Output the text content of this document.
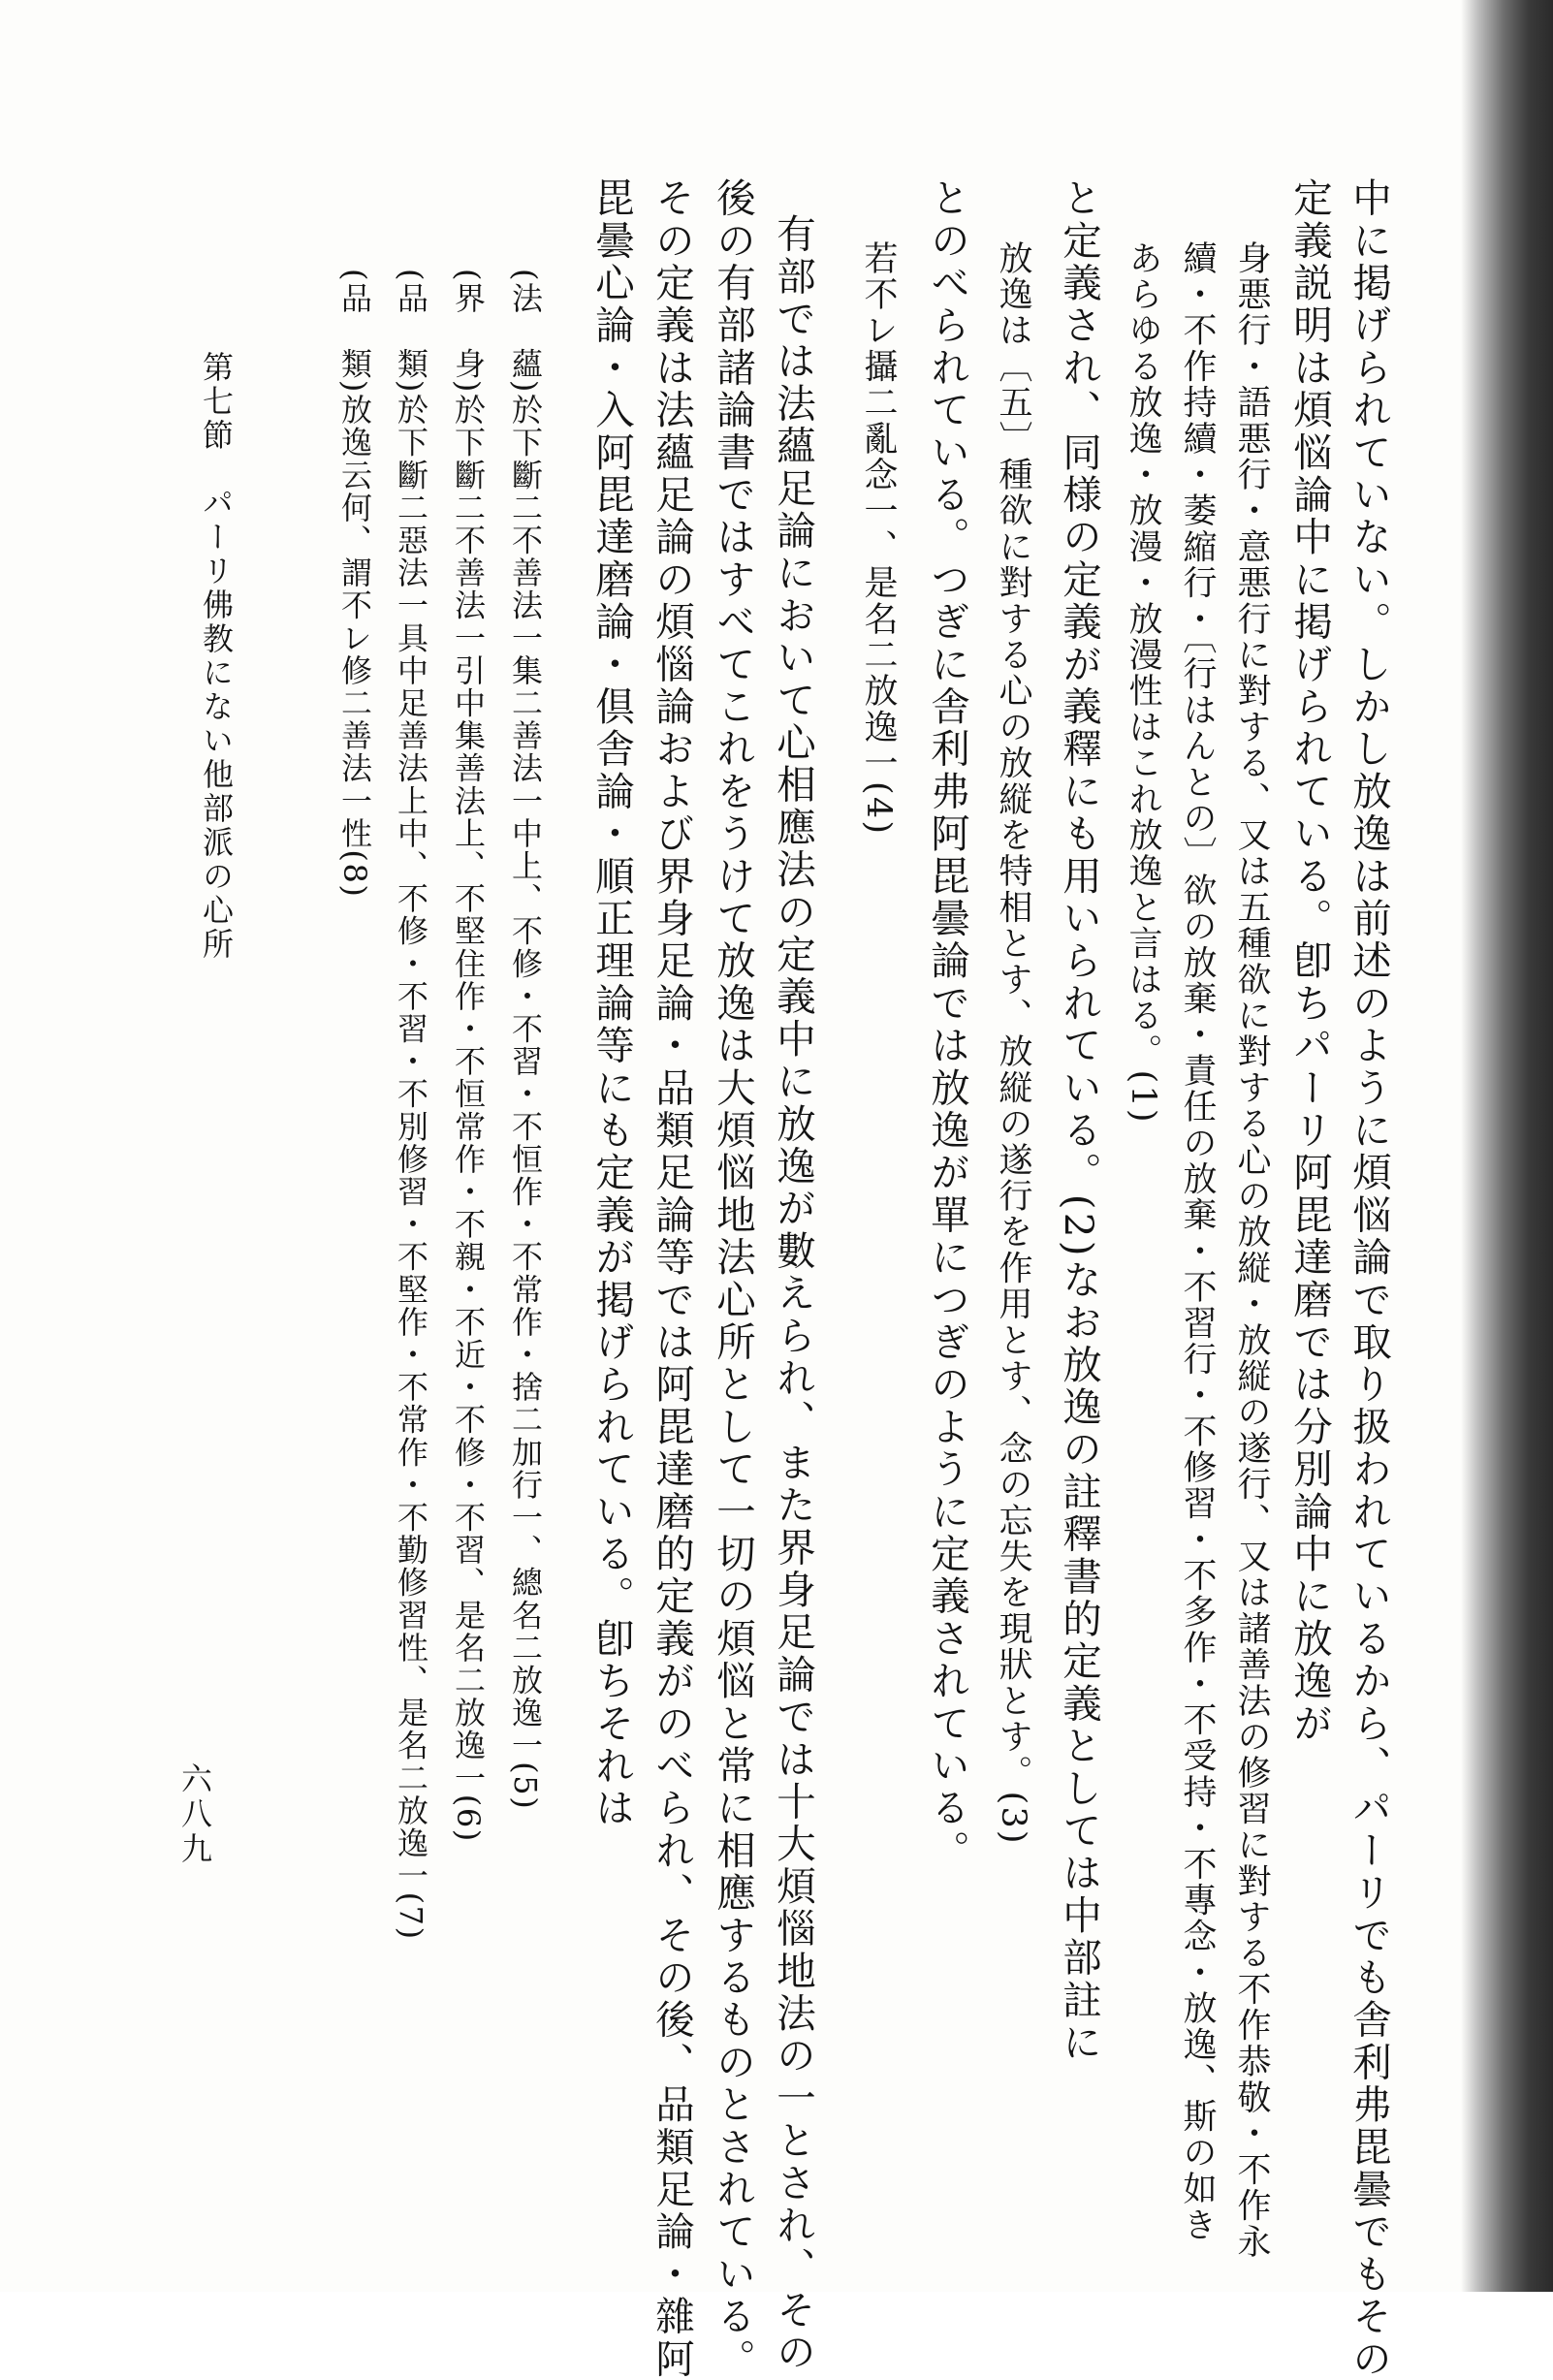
六八九
第七節　パーリ佛教にない他部派の心所	中に掲げられていない。しかし放逸は前述のように煩悩論で取り扱われているから、パーリでも舎利弗毘曇でもその
定義説明は煩悩論中に掲げられている。卽ちパーリ阿毘達磨では分別論中に放逸が
身悪行・語悪行・意悪行に對する、又は五種欲に對する心の放縦・放縦の遂行、又は諸善法の修習に對する不作恭敬・不作永
續・不作持續・萎縮行・〔行はんとの〕欲の放棄・責任の放棄・不習行・不修習・不多作・不受持・不專念・放逸、斯の如き
あらゆる放逸・放漫・放漫性はこれ放逸と言はる。(1)
と定義され、同様の定義が義釋にも用いられている。(2)なお放逸の註釋書的定義としては中部註に
放逸は〔五〕種欲に對する心の放縦を特相とす、放縦の遂行を作用とす、念の忘失を現狀とす。(3)
とのべられている。つぎに舎利弗阿毘曇論では放逸が單につぎのように定義されている。
若不レ攝二亂念一、是名二放逸一(4)
有部では法蘊足論において心相應法の定義中に放逸が數えられ、また界身足論では十大煩惱地法の一とされ、その
後の有部諸論書ではすべてこれをうけて放逸は大煩悩地法心所として一切の煩悩と常に相應するものとされている。
その定義は法蘊足論の煩惱論および界身足論・品類足論等では阿毘達磨的定義がのべられ、その後、品類足論・雜阿
毘曇心論・入阿毘達磨論・倶舎論・順正理論等にも定義が掲げられている。卽ちそれは
(法　蘊)於下斷二不善法一集二善法一中上、不修・不習・不恒作・不常作・捨二加行一、總名二放逸一(5)
(界　身)於下斷二不善法一引中集善法上、不堅住作・不恒常作・不親・不近・不修・不習、是名二放逸一(6)
(品　類)於下斷二惡法一具中足善法上中、不修・不習・不別修習・不堅作・不常作・不勤修習性、是名二放逸一(7)
(品　類)放逸云何、謂不レ修二善法一性(8)
